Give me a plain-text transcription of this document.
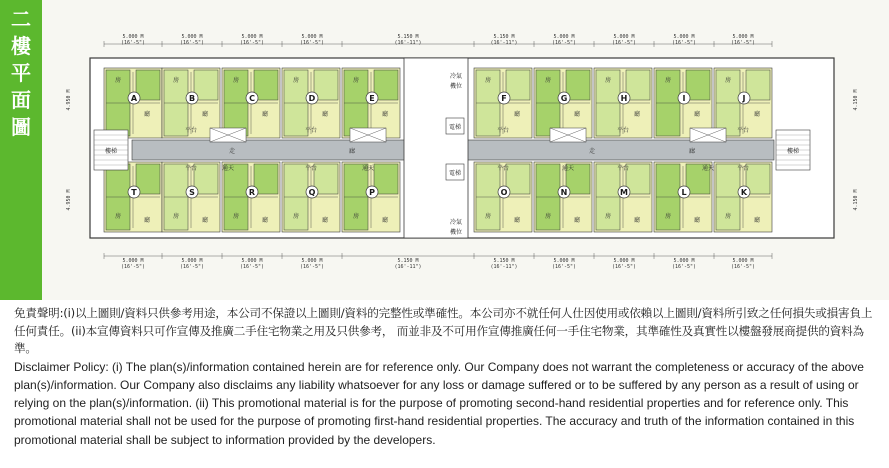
二
樓
平
面
圖
走	廊	走	廊
A
房
廳
B
房
廳
平台
C
房
廳
D
房
廳
平台
E
房
廳
F
房
廳
平台
G
房
廳
H
房
廳
平台
I
房
廳
J
房
廳
平台
T
房
廳
S
房
廳
平台
R
房
廳
Q
房
廳
平台
P
房
廳
O
房
廳
平台
N
房
廳
M
房
廳
平台
L
房
廳
K
房
廳
平台
電梯
電梯
冷氣
機位
冷氣
機位
通天	通天	通天	通天
樓梯	樓梯
5.000 M
(16'-5")
5.000 M
(16'-5")
5.000 M
(16'-5")
5.000 M
(16'-5")
5.150 M
(16'-11")
5.150 M
(16'-11")
5.000 M
(16'-5")
5.000 M
(16'-5")
5.000 M
(16'-5")
5.000 M
(16'-5")
5.000 M
(16'-5")
5.000 M
(16'-5")
5.000 M
(16'-5")
5.000 M
(16'-5")
5.150 M
(16'-11")
5.150 M
(16'-11")
5.000 M
(16'-5")
5.000 M
(16'-5")
5.000 M
(16'-5")
5.000 M
(16'-5")
4.950 M
4.950 M
4.150 M
4.150 M

免責聲明:(i)以上圖則/資料只供參考用途，本公司不保證以上圖則/資料的完整性或準確性。本公司亦不就任何人仕因使用或依賴以上圖則/資料所引致之任何損失或損害負上任何責任。(ii)本宣傳資料只可作宣傳及推廣二手住宅物業之用及只供參考， 而並非及不可用作宣傳推廣任何一手住宅物業，其準確性及真實性以樓盤發展商提供的資料為準。

Disclaimer Policy: (i) The plan(s)/information contained herein are for reference only. Our Company does not warrant the completeness or accuracy of the above plan(s)/information. Our Company also disclaims any liability whatsoever for any loss or damage suffered or to be suffered by any person as a result of using or relying on the plan(s)/information. (ii) This promotional material is for the purpose of promoting second-hand residential properties and for reference only. This promotional material shall not be used for the purpose of promoting first-hand residential properties. The accuracy and truth of the information contained in this promotional material shall be subject to information provided by the developers.
